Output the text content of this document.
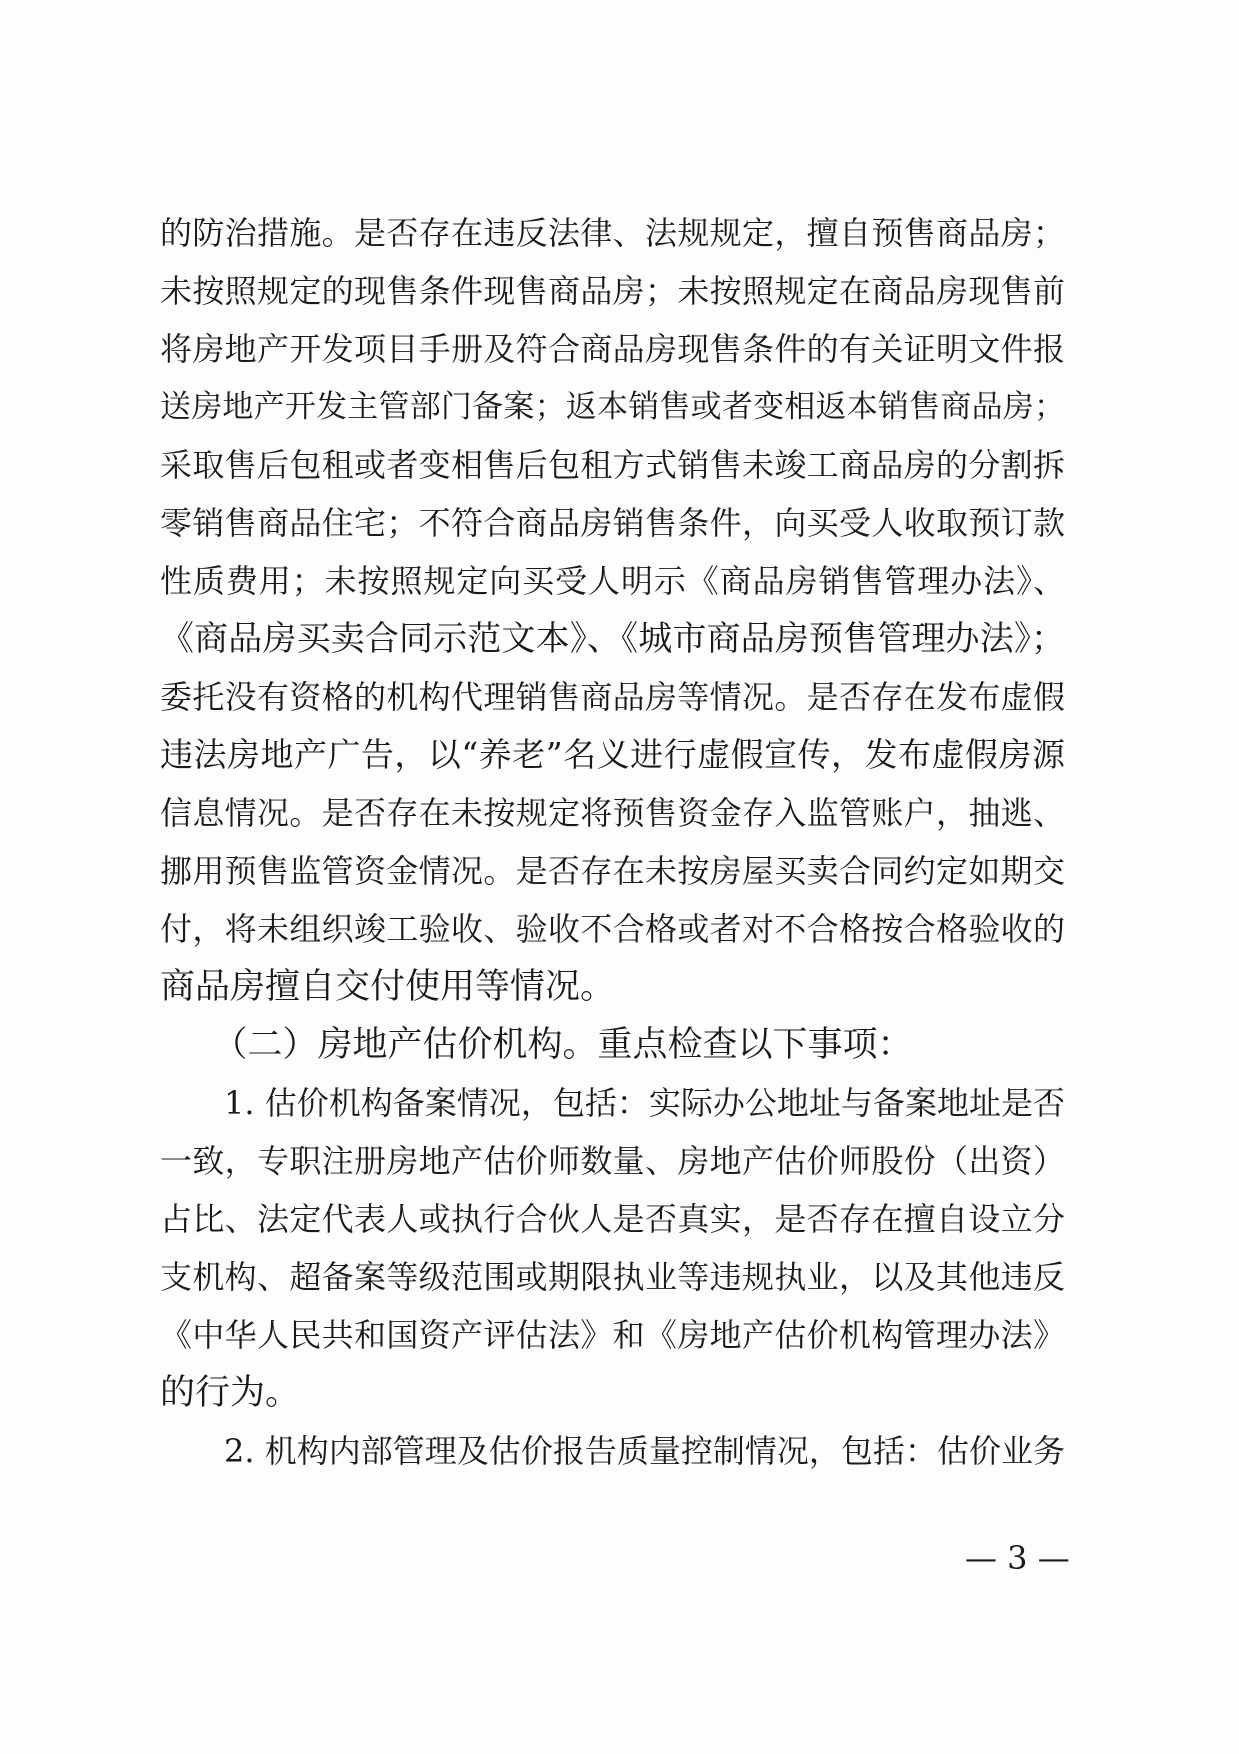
的防治措施。是否存在违反法律、法规规定，擅自预售商品房；
未按照规定的现售条件现售商品房；未按照规定在商品房现售前
将房地产开发项目手册及符合商品房现售条件的有关证明文件报
送房地产开发主管部门备案；返本销售或者变相返本销售商品房；
采取售后包租或者变相售后包租方式销售未竣工商品房的分割拆
零销售商品住宅；不符合商品房销售条件，向买受人收取预订款
性质费用；未按照规定向买受人明示《商品房销售管理办法》、
《商品房买卖合同示范文本》、《城市商品房预售管理办法》；
委托没有资格的机构代理销售商品房等情况。是否存在发布虚假
违法房地产广告，以“养老”名义进行虚假宣传，发布虚假房源
信息情况。是否存在未按规定将预售资金存入监管账户，抽逃、
挪用预售监管资金情况。是否存在未按房屋买卖合同约定如期交
付，将未组织竣工验收、验收不合格或者对不合格按合格验收的
商品房擅自交付使用等情况。
　　（二）房地产估价机构。重点检查以下事项：
　　1. 估价机构备案情况，包括：实际办公地址与备案地址是否
一致，专职注册房地产估价师数量、房地产估价师股份（出资）
占比、法定代表人或执行合伙人是否真实，是否存在擅自设立分
支机构、超备案等级范围或期限执业等违规执业，以及其他违反
《中华人民共和国资产评估法》和《房地产估价机构管理办法》
的行为。
　　2. 机构内部管理及估价报告质量控制情况，包括：估价业务
— 3 —
